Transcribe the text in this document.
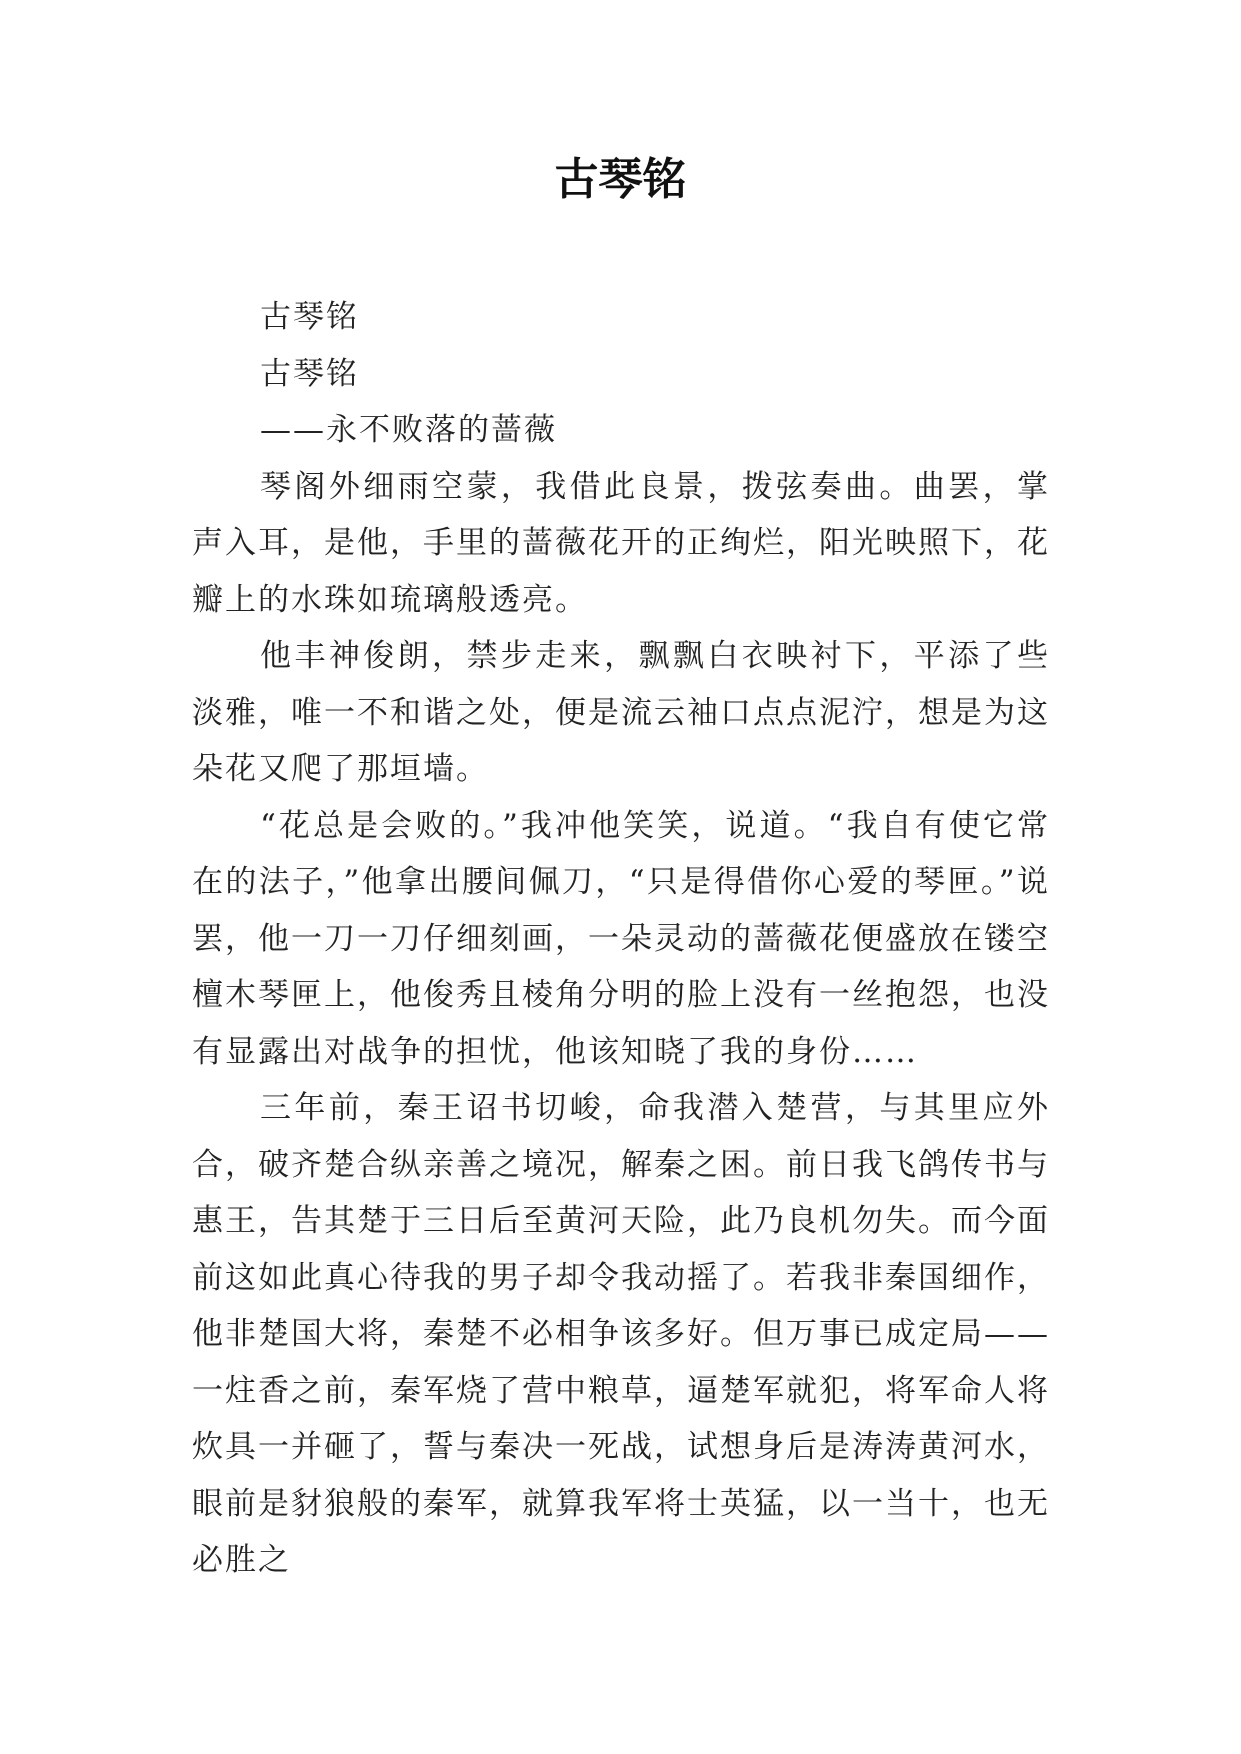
古琴铭

古琴铭

古琴铭

——永不败落的蔷薇

琴阁外细雨空蒙，我借此良景，拨弦奏曲。曲罢，掌声入耳，是他，手里的蔷薇花开的正绚烂，阳光映照下，花瓣上的水珠如琉璃般透亮。

他丰神俊朗，禁步走来，飘飘白衣映衬下，平添了些淡雅，唯一不和谐之处，便是流云袖口点点泥泞，想是为这朵花又爬了那垣墙。

“花总是会败的。”我冲他笑笑，说道。“我自有使它常在的法子，”他拿出腰间佩刀，“只是得借你心爱的琴匣。”说罢，他一刀一刀仔细刻画，一朵灵动的蔷薇花便盛放在镂空檀木琴匣上，他俊秀且棱角分明的脸上没有一丝抱怨，也没有显露出对战争的担忧，他该知晓了我的身份……

三年前，秦王诏书切峻，命我潜入楚营，与其里应外合，破齐楚合纵亲善之境况，解秦之困。前日我飞鸽传书与惠王，告其楚于三日后至黄河天险，此乃良机勿失。而今面前这如此真心待我的男子却令我动摇了。若我非秦国细作，他非楚国大将，秦楚不必相争该多好。但万事已成定局——一炷香之前，秦军烧了营中粮草，逼楚军就犯，将军命人将炊具一并砸了，誓与秦决一死战，试想身后是涛涛黄河水，眼前是豺狼般的秦军，就算我军将士英猛，以一当十，也无必胜之
